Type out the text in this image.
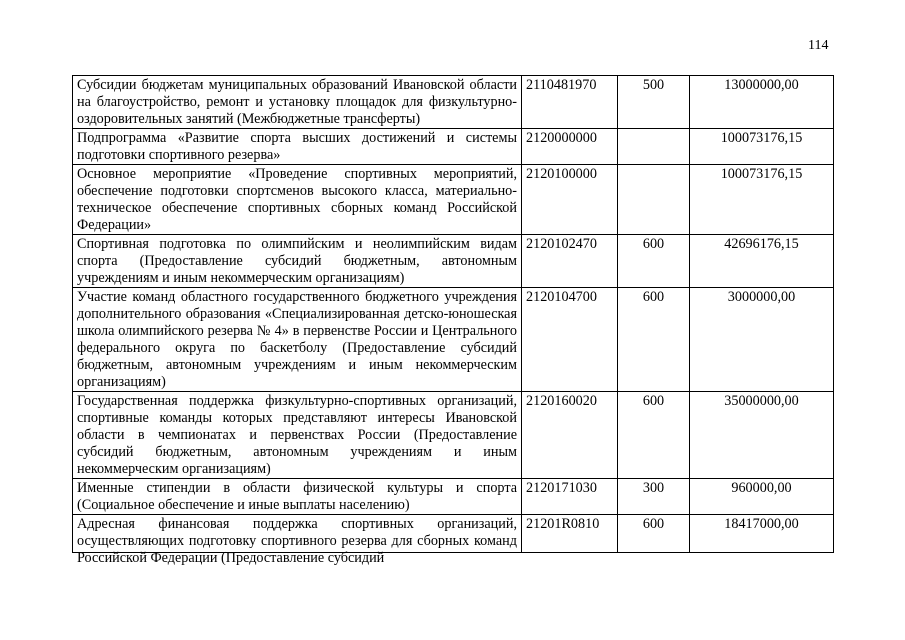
114
Субсидии бюджетам муниципальных образований Ивановской области на благоустройство, ремонт и установку площадок для физкультурно-оздоровительных занятий (Межбюджетные трансферты)	2110481970	500	13000000,00
Подпрограмма «Развитие спорта высших достижений и системы подготовки спортивного резерва»	2120000000		100073176,15
Основное мероприятие «Проведение спортивных мероприятий, обеспечение подготовки спортсменов высокого класса, материально-техническое обеспечение спортивных сборных команд Российской Федерации»	2120100000		100073176,15
Спортивная подготовка по олимпийским и неолимпийским видам спорта (Предоставление субсидий бюджетным, автономным учреждениям и иным некоммерческим организациям)	2120102470	600	42696176,15
Участие команд областного государственного бюджетного учреждения дополнительного образования «Специализированная детско-юношеская школа олимпийского резерва № 4» в первенстве России и Центрального федерального округа по баскетболу (Предоставление субсидий бюджетным, автономным учреждениям и иным некоммерческим организациям)	2120104700	600	3000000,00
Государственная поддержка физкультурно-спортивных организаций, спортивные команды которых представляют интересы Ивановской области в чемпионатах и первенствах России (Предоставление субсидий бюджетным, автономным учреждениям и иным некоммерческим организациям)	2120160020	600	35000000,00
Именные стипендии в области физической культуры и спорта (Социальное обеспечение и иные выплаты населению)	2120171030	300	960000,00

Адресная финансовая поддержка спортивных организаций, осуществляющих подготовку спортивного резерва для сборных команд Российской Федерации (Предоставление субсидий	21201R0810	600	18417000,00
